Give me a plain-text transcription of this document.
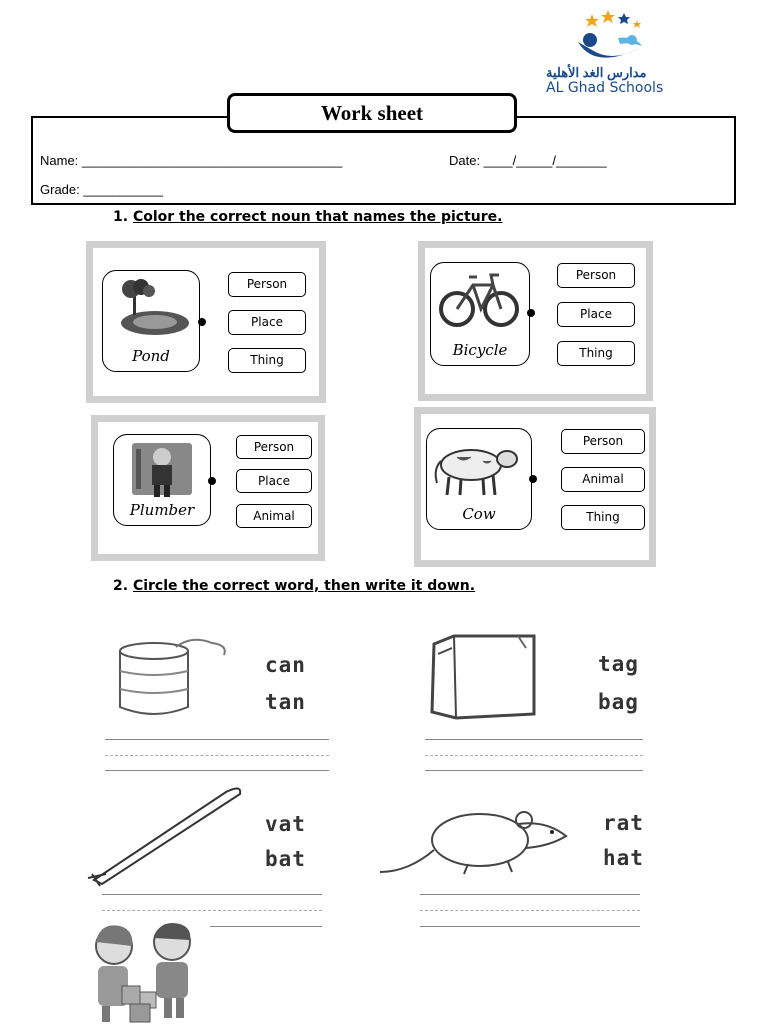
مدارس الغد الأهلية
AL Ghad Schools
Work sheet
Name: ____________________________________	Date: ____/_____/_______
Grade: ___________
1. Color the correct noun that names the picture.
Pond
Person
Place
Thing
Bicycle
Person
Place
Thing
Plumber
Person
Place
Animal	Cow
Person
Animal
Thing
2. Circle the correct word, then write it down.
can
tan
tag
bag
vat
bat
rat
hat
